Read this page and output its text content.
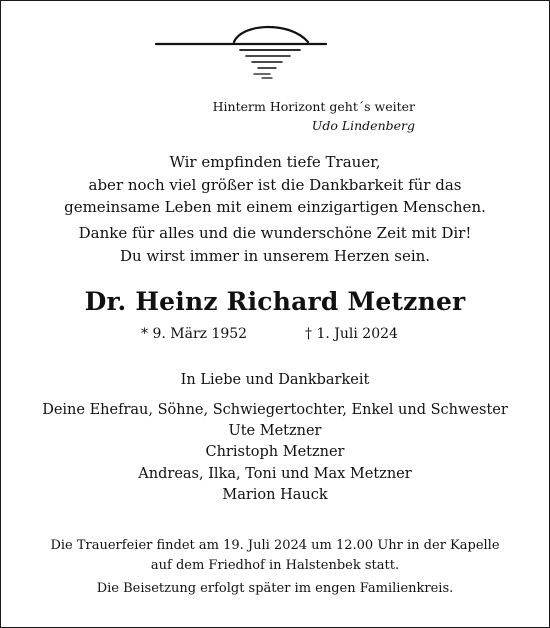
Hinterm Horizont geht´s weiter
Udo Lindenberg
Wir empfinden tiefe Trauer,
aber noch viel größer ist die Dankbarkeit für das
gemeinsame Leben mit einem einzigartigen Menschen.
Danke für alles und die wunderschöne Zeit mit Dir!
Du wirst immer in unserem Herzen sein.
Dr. Heinz Richard Metzner
* 9. März 1952	† 1. Juli 2024
In Liebe und Dankbarkeit
Deine Ehefrau, Söhne, Schwiegertochter, Enkel und Schwester
Ute Metzner
Christoph Metzner
Andreas, Ilka, Toni und Max Metzner
Marion Hauck
Die Trauerfeier findet am 19. Juli 2024 um 12.00 Uhr in der Kapelle
auf dem Friedhof in Halstenbek statt.
Die Beisetzung erfolgt später im engen Familienkreis.
